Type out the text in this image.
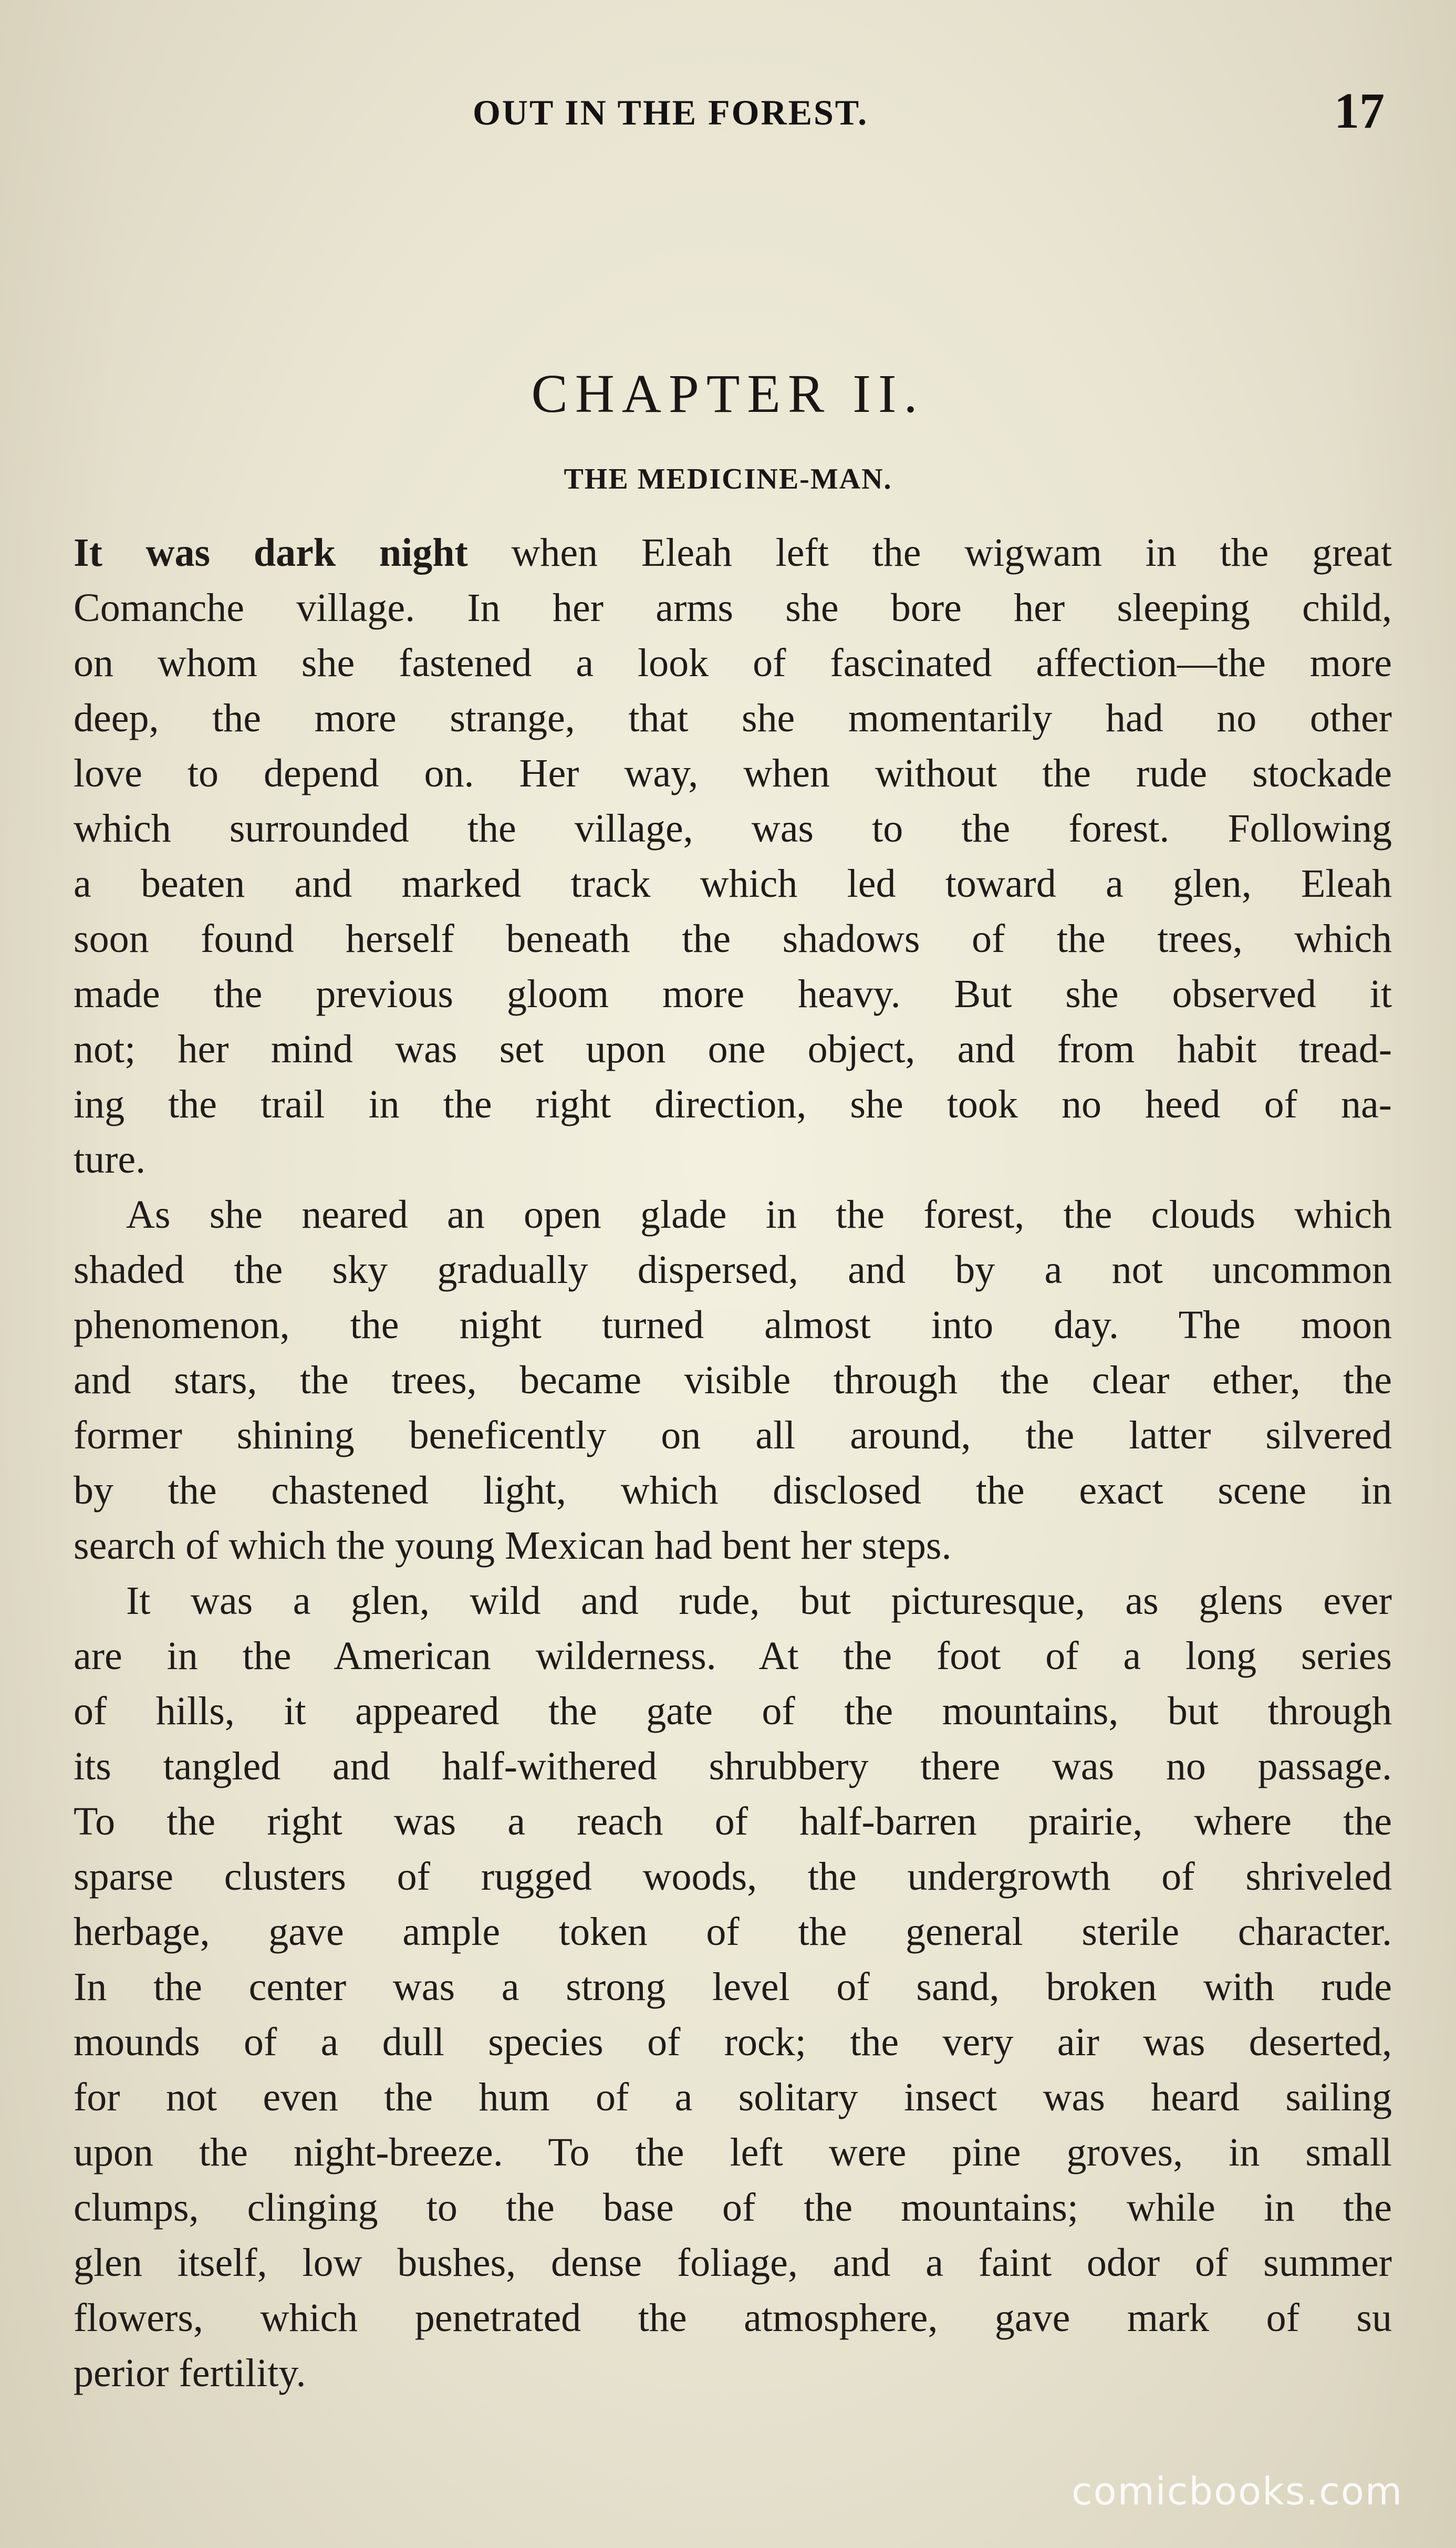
OUT IN THE FOREST.	17
CHAPTER II.
THE MEDICINE-MAN.
It was dark night when Eleah left the wigwam in the great
Comanche village. In her arms she bore her sleeping child,
on whom she fastened a look of fascinated affection—the more
deep, the more strange, that she momentarily had no other
love to depend on. Her way, when without the rude stockade
which surrounded the village, was to the forest. Following
a beaten and marked track which led toward a glen, Eleah
soon found herself beneath the shadows of the trees, which
made the previous gloom more heavy. But she observed it
not; her mind was set upon one object, and from habit tread-
ing the trail in the right direction, she took no heed of na-
ture.
As she neared an open glade in the forest, the clouds which
shaded the sky gradually dispersed, and by a not uncommon
phenomenon, the night turned almost into day. The moon
and stars, the trees, became visible through the clear ether, the
former shining beneficently on all around, the latter silvered
by the chastened light, which disclosed the exact scene in
search of which the young Mexican had bent her steps.
It was a glen, wild and rude, but picturesque, as glens ever
are in the American wilderness. At the foot of a long series
of hills, it appeared the gate of the mountains, but through
its tangled and half-withered shrubbery there was no passage.
To the right was a reach of half-barren prairie, where the
sparse clusters of rugged woods, the undergrowth of shriveled
herbage, gave ample token of the general sterile character.
In the center was a strong level of sand, broken with rude
mounds of a dull species of rock; the very air was deserted,
for not even the hum of a solitary insect was heard sailing
upon the night-breeze. To the left were pine groves, in small
clumps, clinging to the base of the mountains; while in the
glen itself, low bushes, dense foliage, and a faint odor of summer
flowers, which penetrated the atmosphere, gave mark of su
perior fertility.
comicbooks.com
